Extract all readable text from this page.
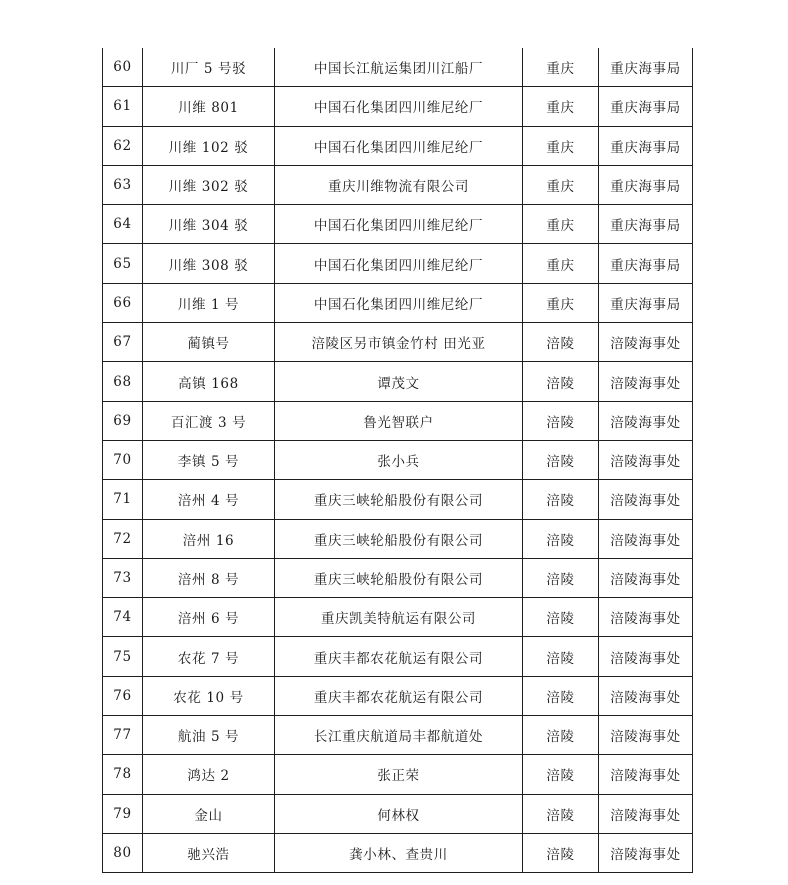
60	川厂 5 号驳	中国长江航运集团川江船厂	重庆	重庆海事局
61	川维 801	中国石化集团四川维尼纶厂	重庆	重庆海事局
62	川维 102 驳	中国石化集团四川维尼纶厂	重庆	重庆海事局
63	川维 302 驳	重庆川维物流有限公司	重庆	重庆海事局
64	川维 304 驳	中国石化集团四川维尼纶厂	重庆	重庆海事局
65	川维 308 驳	中国石化集团四川维尼纶厂	重庆	重庆海事局
66	川维 1 号	中国石化集团四川维尼纶厂	重庆	重庆海事局
67	蔺镇号	涪陵区另市镇金竹村 田光亚	涪陵	涪陵海事处
68	高镇 168	谭茂文	涪陵	涪陵海事处
69	百汇渡 3 号	鲁光智联户	涪陵	涪陵海事处
70	李镇 5 号	张小兵	涪陵	涪陵海事处
71	涪州 4 号	重庆三峡轮船股份有限公司	涪陵	涪陵海事处
72	涪州 16	重庆三峡轮船股份有限公司	涪陵	涪陵海事处
73	涪州 8 号	重庆三峡轮船股份有限公司	涪陵	涪陵海事处
74	涪州 6 号	重庆凯美特航运有限公司	涪陵	涪陵海事处
75	农花 7 号	重庆丰都农花航运有限公司	涪陵	涪陵海事处
76	农花 10 号	重庆丰都农花航运有限公司	涪陵	涪陵海事处
77	航油 5 号	长江重庆航道局丰都航道处	涪陵	涪陵海事处
78	鸿达 2	张正荣	涪陵	涪陵海事处
79	金山	何林权	涪陵	涪陵海事处
80	驰兴浩	龚小林、查贵川	涪陵	涪陵海事处
